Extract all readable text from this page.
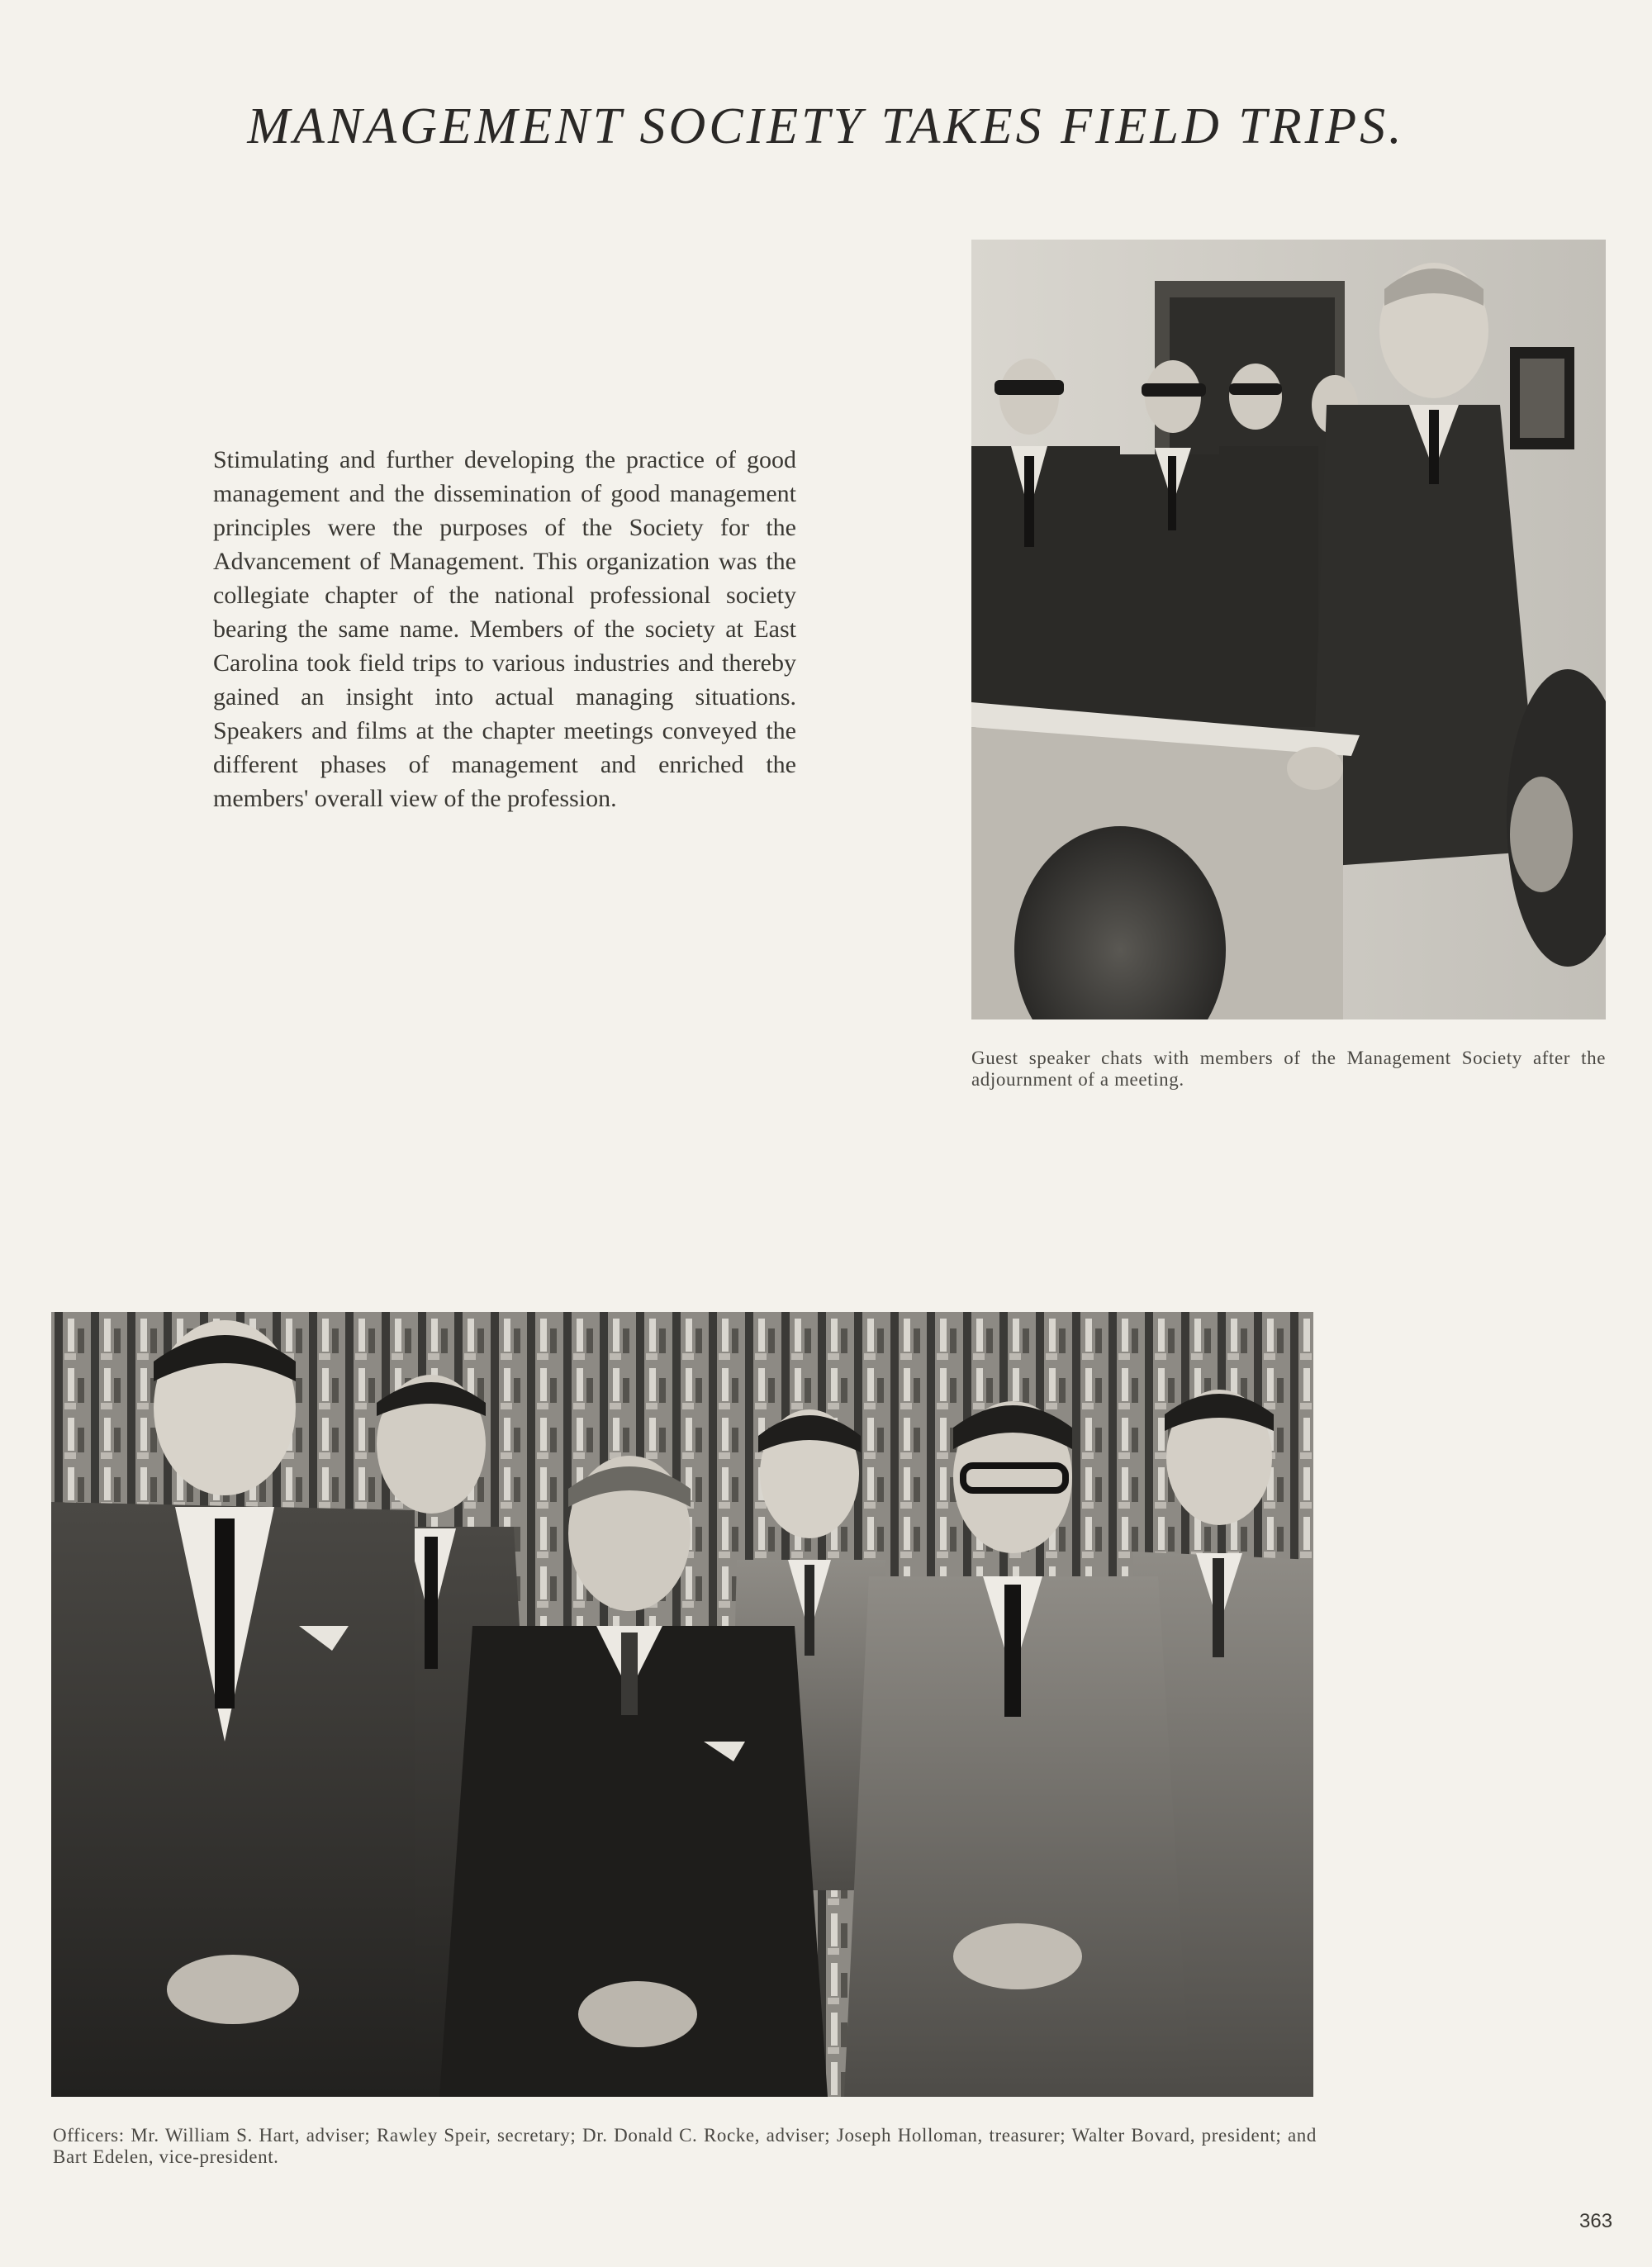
MANAGEMENT SOCIETY TAKES FIELD TRIPS.

Stimulating and further developing the practice of good management and the dissemination of good management principles were the purposes of the Society for the Advancement of Management. This organization was the collegiate chapter of the national professional society bearing the same name. Members of the society at East Carolina took field trips to various industries and thereby gained an insight into actual managing situations. Speakers and films at the chapter meetings conveyed the different phases of management and enriched the members' overall view of the profession.

Guest speaker chats with members of the Management Society after the adjournment of a meeting.

Officers: Mr. William S. Hart, adviser; Rawley Speir, secretary; Dr. Donald C. Rocke, adviser; Joseph Holloman, treasurer; Walter Bovard, president; and Bart Edelen, vice-president.

363
